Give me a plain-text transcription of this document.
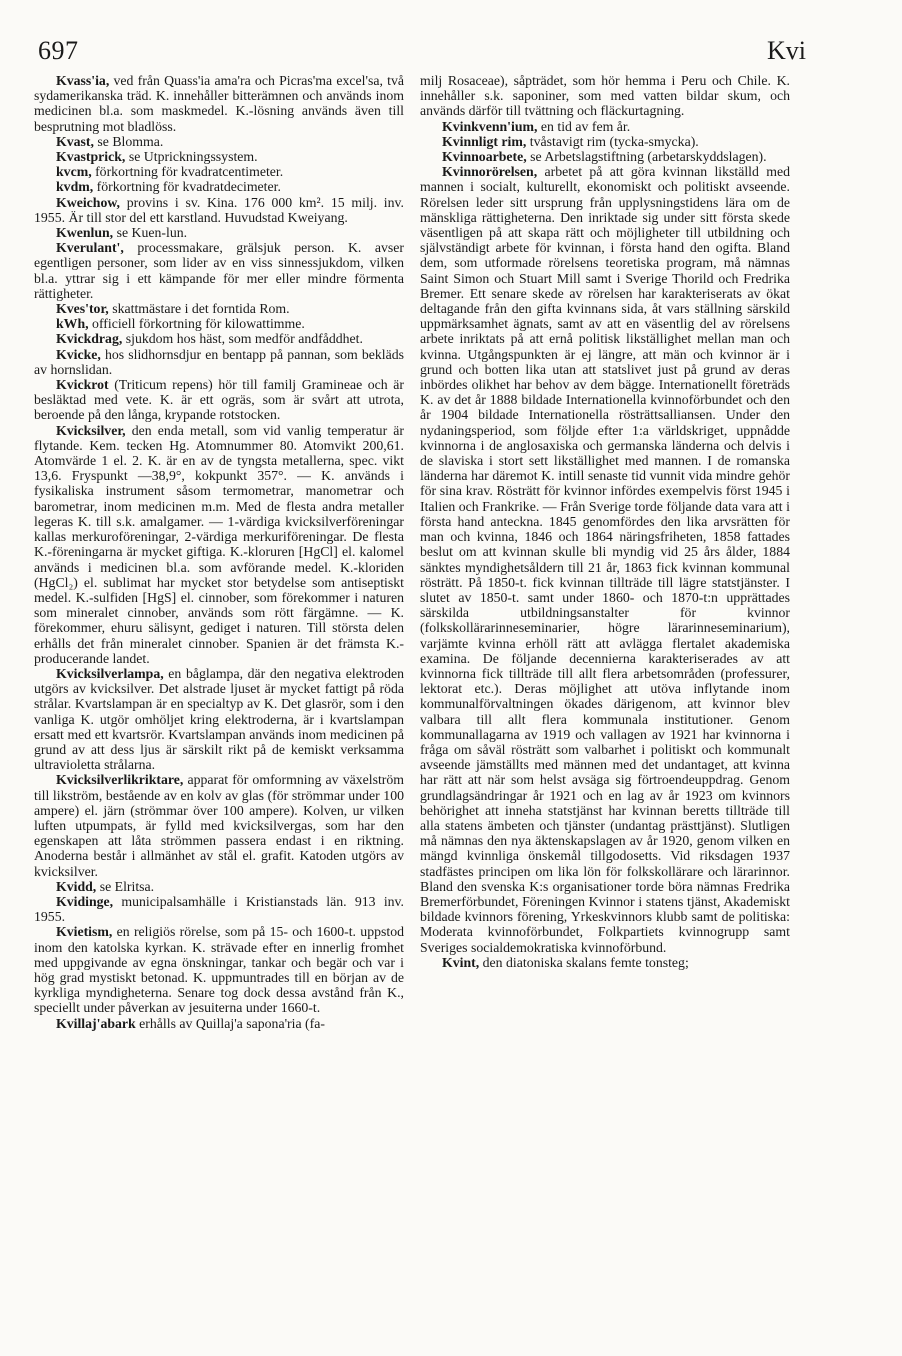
697	Kvi

Kvass'ia, ved från Quass'ia ama'ra och Picras'ma excel'sa, två sydamerikanska träd. K. innehåller bitterämnen och används inom medicinen bl.a. som maskmedel. K.-lösning används även till besprutning mot bladlöss.

Kvast, se Blomma.

Kvastprick, se Utprickningssystem.

kvcm, förkortning för kvadratcentimeter.

kvdm, förkortning för kvadratdecimeter.

Kweichow, provins i sv. Kina. 176 000 km². 15 milj. inv. 1955. Är till stor del ett karstland. Huvudstad Kweiyang.

Kwenlun, se Kuen-lun.

Kverulant', processmakare, grälsjuk person. K. avser egentligen personer, som lider av en viss sinnessjukdom, vilken bl.a. yttrar sig i ett kämpande för mer eller mindre förmenta rättigheter.

Kves'tor, skattmästare i det forntida Rom.

kWh, officiell förkortning för kilowattimme.

Kvickdrag, sjukdom hos häst, som medför andfåddhet.

Kvicke, hos slidhornsdjur en bentapp på pannan, som bekläds av hornslidan.

Kvickrot (Triticum repens) hör till familj Gramineae och är besläktad med vete. K. är ett ogräs, som är svårt att utrota, beroende på den långa, krypande rotstocken.

Kvicksilver, den enda metall, som vid vanlig temperatur är flytande. Kem. tecken Hg. Atomnummer 80. Atomvikt 200,61. Atomvärde 1 el. 2. K. är en av de tyngsta metallerna, spec. vikt 13,6. Fryspunkt —38,9°, kokpunkt 357°. — K. används i fysikaliska instrument såsom termometrar, manometrar och barometrar, inom medicinen m.m. Med de flesta andra metaller legeras K. till s.k. amalgamer. — 1-värdiga kvicksilverföreningar kallas merkuroföreningar, 2-värdiga merkuriföreningar. De flesta K.-föreningarna är mycket giftiga. K.-kloruren [HgCl] el. kalomel används i medicinen bl.a. som avförande medel. K.-kloriden (HgCl₂) el. sublimat har mycket stor betydelse som antiseptiskt medel. K.-sulfiden [HgS] el. cinnober, som förekommer i naturen som mineralet cinnober, används som rött färgämne. — K. förekommer, ehuru sälisynt, gediget i naturen. Till största delen erhålls det från mineralet cinnober. Spanien är det främsta K.-producerande landet.

Kvicksilverlampa, en båglampa, där den negativa elektroden utgörs av kvicksilver. Det alstrade ljuset är mycket fattigt på röda strålar. Kvartslampan är en specialtyp av K. Det glasrör, som i den vanliga K. utgör omhöljet kring elektroderna, är i kvartslampan ersatt med ett kvartsrör. Kvartslampan används inom medicinen på grund av att dess ljus är särskilt rikt på de kemiskt verksamma ultravioletta strålarna.

Kvicksilverlikriktare, apparat för omformning av växelström till likström, bestående av en kolv av glas (för strömmar under 100 ampere) el. järn (strömmar över 100 ampere). Kolven, ur vilken luften utpumpats, är fylld med kvicksilvergas, som har den egenskapen att låta strömmen passera endast i en riktning. Anoderna består i allmänhet av stål el. grafit. Katoden utgörs av kvicksilver.

Kvidd, se Elritsa.

Kvidinge, municipalsamhälle i Kristianstads län. 913 inv. 1955.

Kvietism, en religiös rörelse, som på 15- och 1600-t. uppstod inom den katolska kyrkan. K. strävade efter en innerlig fromhet med uppgivande av egna önskningar, tankar och begär och var i hög grad mystiskt betonad. K. uppmuntrades till en början av de kyrkliga myndigheterna. Senare tog dock dessa avstånd från K., speciellt under påverkan av jesuiterna under 1660-t.

Kvillaj'abark erhålls av Quillaj'a sapona'ria (fa-

milj Rosaceae), såpträdet, som hör hemma i Peru och Chile. K. innehåller s.k. saponiner, som med vatten bildar skum, och används därför till tvättning och fläckurtagning.

Kvinkvenn'ium, en tid av fem år.

Kvinnligt rim, tvåstavigt rim (tycka-smycka).

Kvinnoarbete, se Arbetslagstiftning (arbetarskyddslagen).

Kvinnorörelsen, arbetet på att göra kvinnan likställd med mannen i socialt, kulturellt, ekonomiskt och politiskt avseende. Rörelsen leder sitt ursprung från upplysningstidens lära om de mänskliga rättigheterna. Den inriktade sig under sitt första skede väsentligen på att skapa rätt och möjligheter till utbildning och självständigt arbete för kvinnan, i första hand den ogifta. Bland dem, som utformade rörelsens teoretiska program, må nämnas Saint Simon och Stuart Mill samt i Sverige Thorild och Fredrika Bremer. Ett senare skede av rörelsen har karakteriserats av ökat deltagande från den gifta kvinnans sida, åt vars ställning särskild uppmärksamhet ägnats, samt av att en väsentlig del av rörelsens arbete inriktats på att ernå politisk likställighet mellan man och kvinna. Utgångspunkten är ej längre, att män och kvinnor är i grund och botten lika utan att statslivet just på grund av deras inbördes olikhet har behov av dem bägge. Internationellt företräds K. av det år 1888 bildade Internationella kvinnoförbundet och den år 1904 bildade Internationella rösträttsalliansen. Under den nydaningsperiod, som följde efter 1:a världskriget, uppnådde kvinnorna i de anglosaxiska och germanska länderna och delvis i de slaviska i stort sett likställighet med mannen. I de romanska länderna har däremot K. intill senaste tid vunnit vida mindre gehör för sina krav. Rösträtt för kvinnor infördes exempelvis först 1945 i Italien och Frankrike. — Från Sverige torde följande data vara att i första hand anteckna. 1845 genomfördes den lika arvsrätten för man och kvinna, 1846 och 1864 näringsfriheten, 1858 fattades beslut om att kvinnan skulle bli myndig vid 25 års ålder, 1884 sänktes myndighetsåldern till 21 år, 1863 fick kvinnan kommunal rösträtt. På 1850-t. fick kvinnan tillträde till lägre statstjänster. I slutet av 1850-t. samt under 1860- och 1870-t:n upprättades särskilda utbildningsanstalter för kvinnor (folkskollärarinneseminarier, högre lärarinneseminarium), varjämte kvinna erhöll rätt att avlägga flertalet akademiska examina. De följande decennierna karakteriserades av att kvinnorna fick tillträde till allt flera arbetsområden (professurer, lektorat etc.). Deras möjlighet att utöva inflytande inom kommunalförvaltningen ökades därigenom, att kvinnor blev valbara till allt flera kommunala institutioner. Genom kommunallagarna av 1919 och vallagen av 1921 har kvinnorna i fråga om såväl rösträtt som valbarhet i politiskt och kommunalt avseende jämställts med männen med det undantaget, att kvinna har rätt att när som helst avsäga sig förtroendeuppdrag. Genom grundlagsändringar år 1921 och en lag av år 1923 om kvinnors behörighet att inneha statstjänst har kvinnan beretts tillträde till alla statens ämbeten och tjänster (undantag prästtjänst). Slutligen må nämnas den nya äktenskapslagen av år 1920, genom vilken en mängd kvinnliga önskemål tillgodosetts. Vid riksdagen 1937 stadfästes principen om lika lön för folkskollärare och lärarinnor. Bland den svenska K:s organisationer torde böra nämnas Fredrika Bremerförbundet, Föreningen Kvinnor i statens tjänst, Akademiskt bildade kvinnors förening, Yrkeskvinnors klubb samt de politiska: Moderata kvinnoförbundet, Folkpartiets kvinnogrupp samt Sveriges socialdemokratiska kvinnoförbund.

Kvint, den diatoniska skalans femte tonsteg;
